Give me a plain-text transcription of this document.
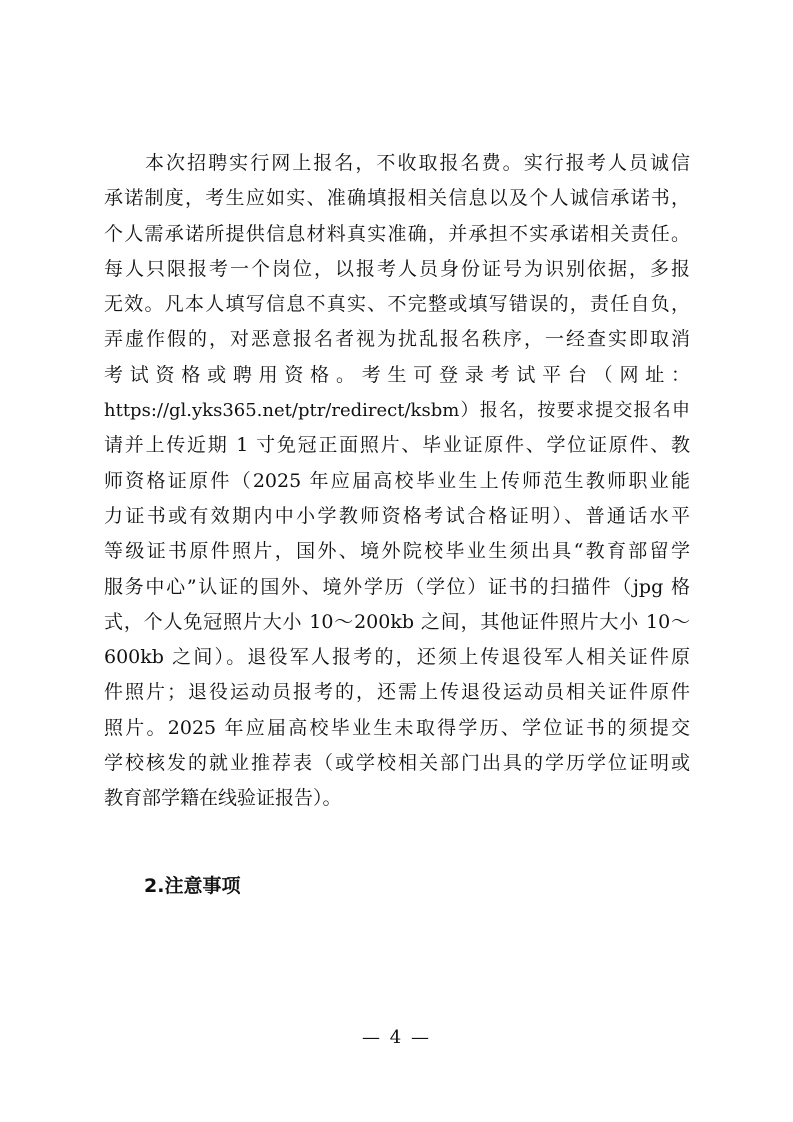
本次招聘实行网上报名，不收取报名费。实行报考人员诚信
承诺制度，考生应如实、准确填报相关信息以及个人诚信承诺书，
个人需承诺所提供信息材料真实准确，并承担不实承诺相关责任。
每人只限报考一个岗位，以报考人员身份证号为识别依据，多报
无效。凡本人填写信息不真实、不完整或填写错误的，责任自负，
弄虚作假的，对恶意报名者视为扰乱报名秩序，一经查实即取消
考试资格或聘用资格。考生可登录考试平台（网址：
https://gl.yks365.net/ptr/redirect/ksbm）报名，按要求提交报名申
请并上传近期 1 寸免冠正面照片、毕业证原件、学位证原件、教
师资格证原件（2025 年应届高校毕业生上传师范生教师职业能
力证书或有效期内中小学教师资格考试合格证明）、普通话水平
等级证书原件照片，国外、境外院校毕业生须出具“教育部留学
服务中心”认证的国外、境外学历（学位）证书的扫描件（jpg 格
式，个人免冠照片大小 10～200kb 之间，其他证件照片大小 10～
600kb 之间）。退役军人报考的，还须上传退役军人相关证件原
件照片；退役运动员报考的，还需上传退役运动员相关证件原件
照片。2025 年应届高校毕业生未取得学历、学位证书的须提交
学校核发的就业推荐表（或学校相关部门出具的学历学位证明或
教育部学籍在线验证报告）。
2.注意事项
— 4 —
